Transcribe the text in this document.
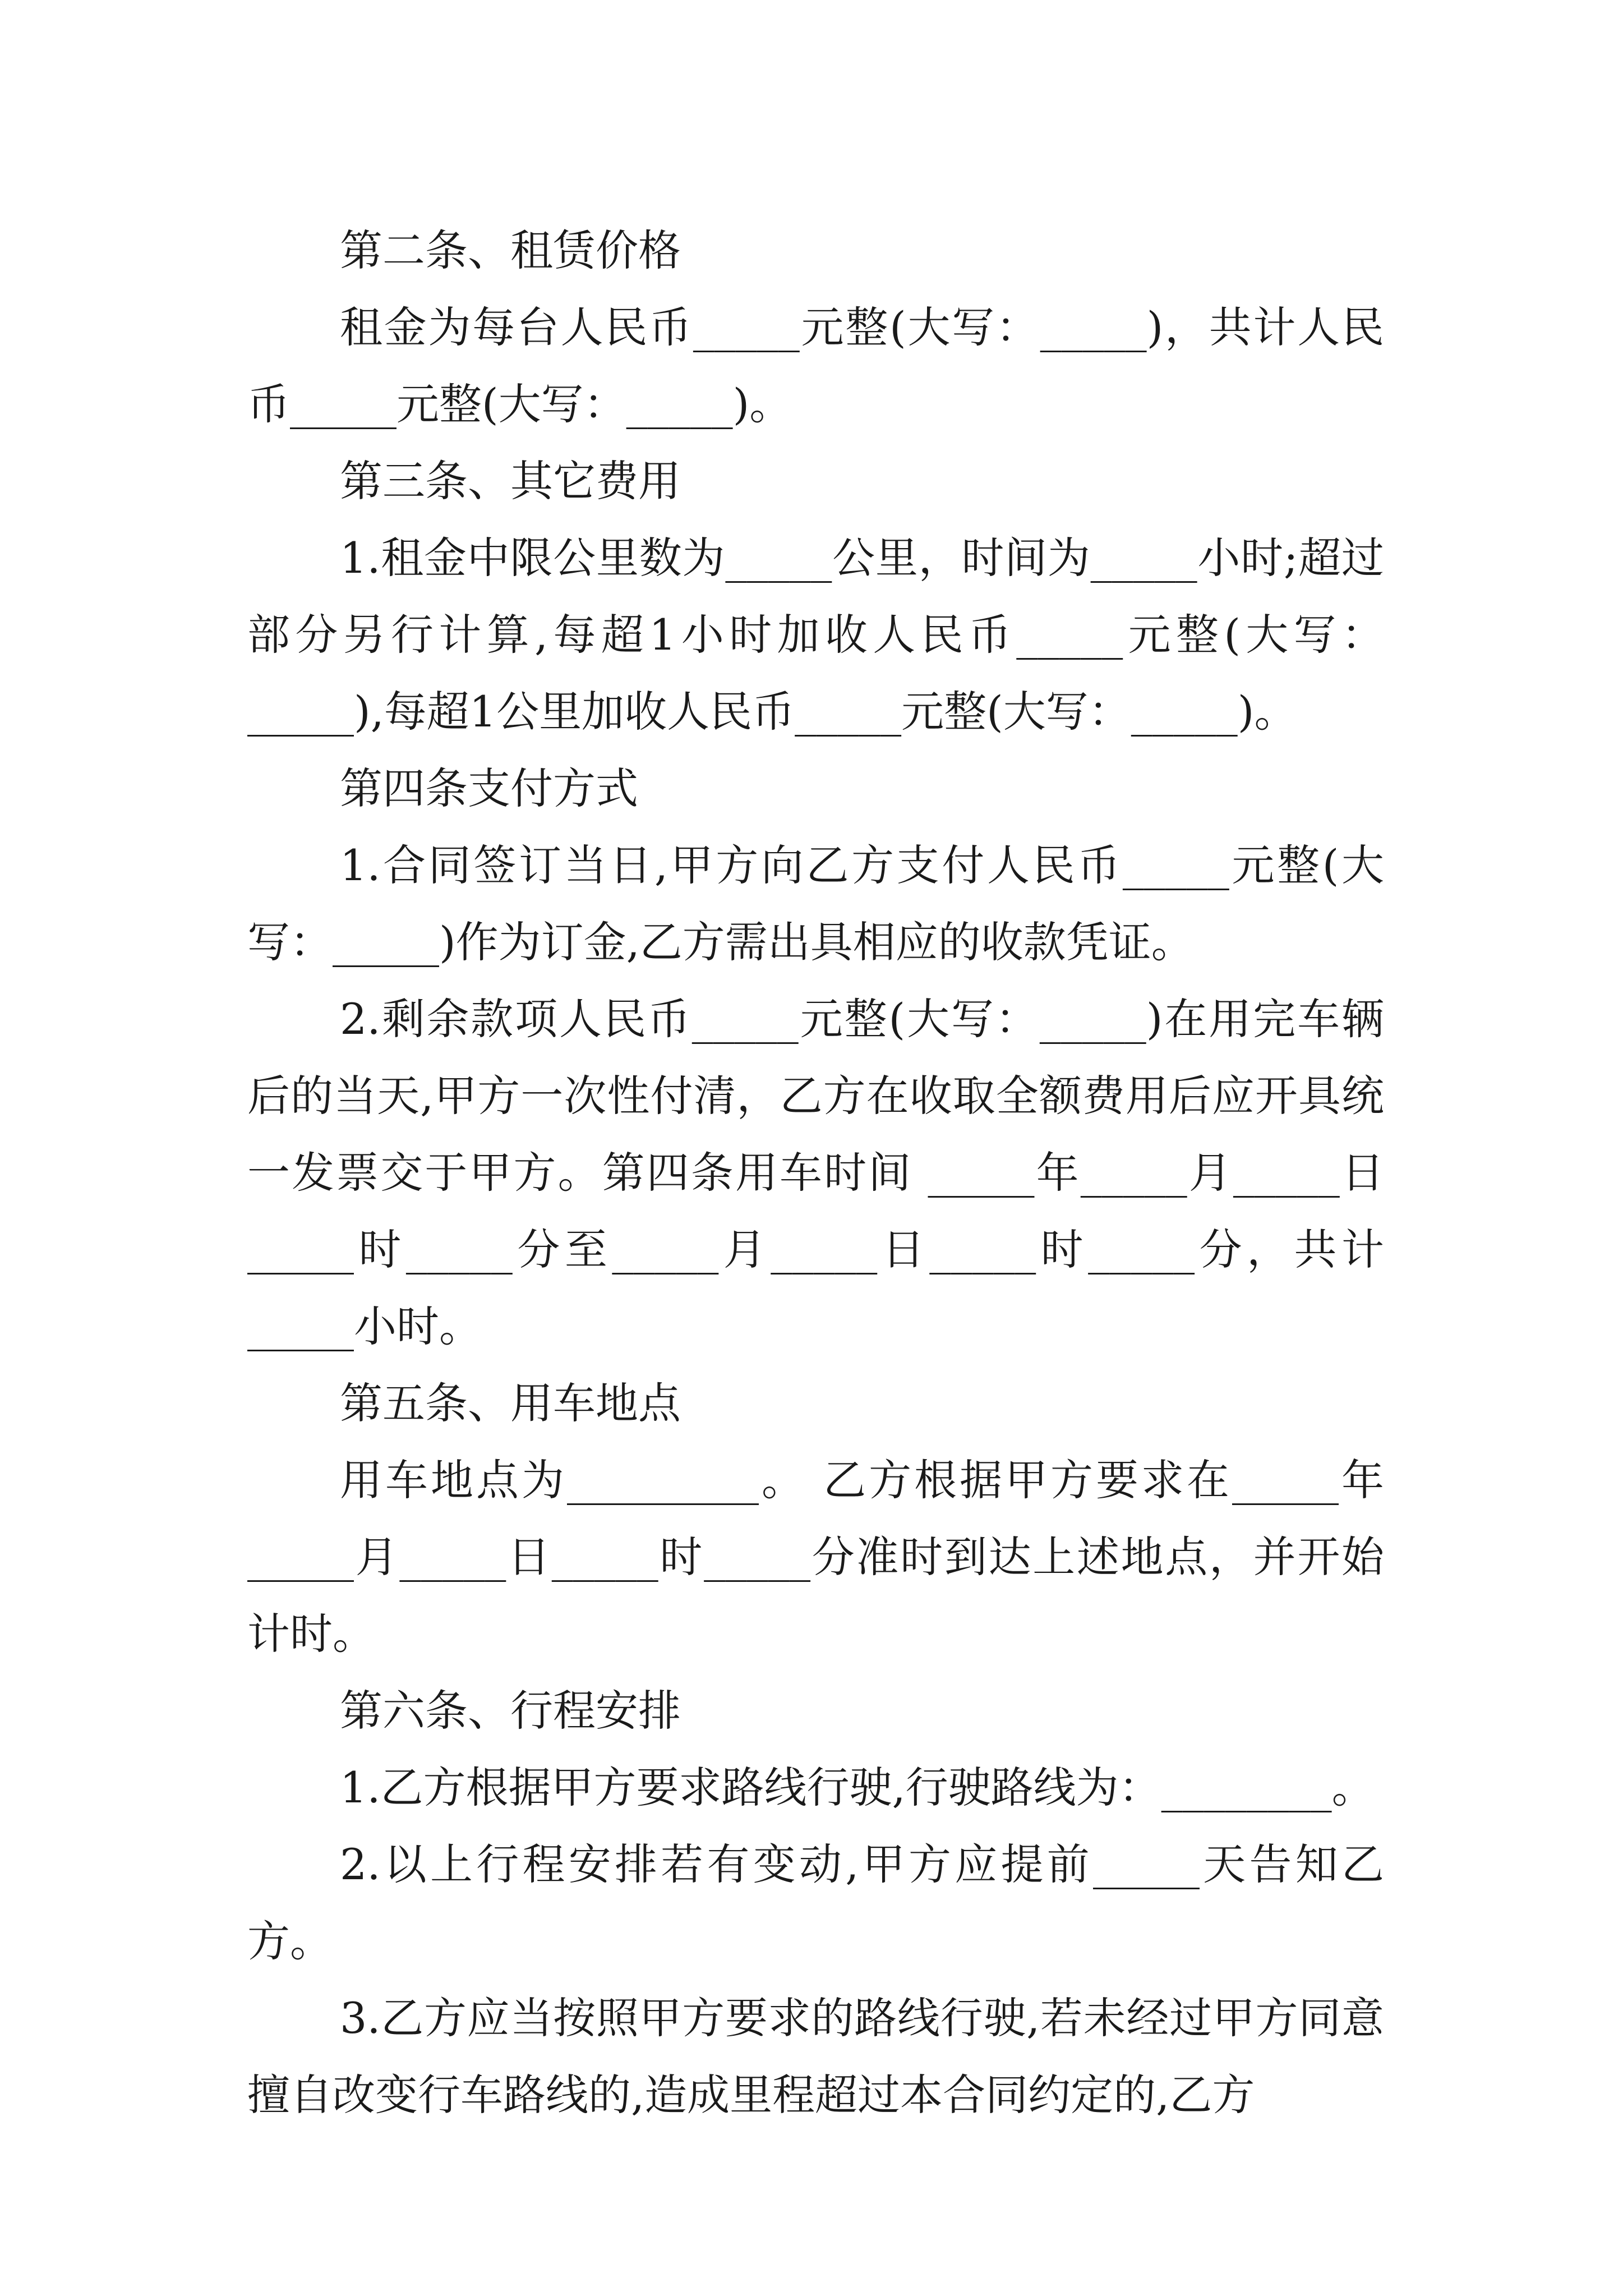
第二条、租赁价格

租金为每台人民币_____元整(大写：_____)，共计人民币_____元整(大写：_____)。

第三条、其它费用

1.租金中限公里数为_____公里，时间为_____小时;超过部分另行计算,每超1小时加收人民币_____元整(大写：_____),每超1公里加收人民币_____元整(大写：_____)。

第四条支付方式

1.合同签订当日,甲方向乙方支付人民币_____元整(大写：_____)作为订金,乙方需出具相应的收款凭证。

2.剩余款项人民币_____元整(大写：_____)在用完车辆后的当天,甲方一次性付清，乙方在收取全额费用后应开具统一发票交于甲方。第四条用车时间 _____年_____月_____日_____时_____分至_____月_____日_____时_____分，共计_____小时。

第五条、用车地点

用车地点为_________。 乙方根据甲方要求在_____年_____月_____日_____时_____分准时到达上述地点，并开始计时。

第六条、行程安排

1.乙方根据甲方要求路线行驶,行驶路线为：________。

2.以上行程安排若有变动,甲方应提前_____天告知乙方。

3.乙方应当按照甲方要求的路线行驶,若未经过甲方同意擅自改变行车路线的,造成里程超过本合同约定的,乙方
